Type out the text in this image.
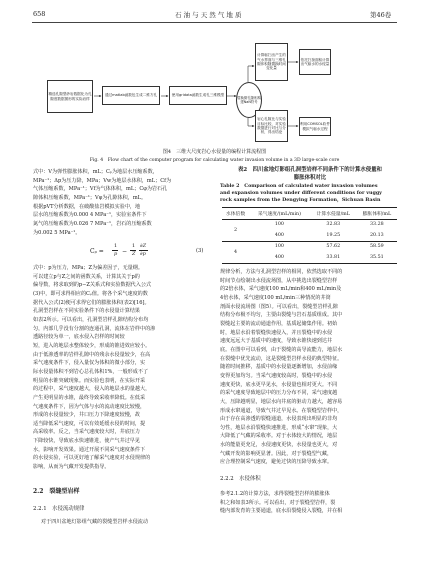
658	石 油 与 天 然 气 地 质	第46卷
精选孔隙型砂岩数据化为孔隙度数据图形的实际岩样
通过matlab函数包生成二维方孔	使用gridata函数生成孔三维模型
替换微孔隙相构建NaN符号
计算驱扫出产生的气水界面与三维孔隙体积随置换时间变化量
依托扫掠面积计算出气驱水的水侵量
岩心孔隙比与实验目标比较，对实验数据进行对比与分析，得出结论
利用COMSOL软件模拟气驱水过程
图4　三维大尺度岩心水侵量的编程计算流程图
Fig. 4　Flow chart of the computer program for calculating water invasion volume in a 3D large-scale core
式中：V为弹性膨胀体积，mL；Cₚ为地层水压缩系数，
MPa⁻¹；Δp为压力降，MPa；Vw为地层水体积，mL；Cf为
气体压缩系数，MPa⁻¹；Vf为气体体积，mL；Cφ为岩石孔
隙体积压缩系数，MPa⁻¹；Vφ为孔隙体积，mL。
根据pVT分析数据，在破酸盐岩模拟实验中，地
层水的压缩系数为0.000 4 MPa⁻¹，实验室条件下
氮气的压缩系数为0.026 7 MPa⁻¹，岩石的压缩系数
为0.002 5 MPa⁻¹。
Cᵨ =
1
p −
1
Z
∂Z
∂p	(3)
式中：p为压力，MPa；Z为偏差因子，无量纲。
可以建立p与Z之间的函数关系，计算其关于p的
偏导数，将求取到的p−Z关系式和实验数据代入公式
(3)中，即可求得相应的Cᵨ值。将各个采气速度的数
据代入公式(2)便可求得它们的膨胀体积(表2)[16]。
孔洞型岩样在不同实验条件下的水侵量计算结果
如表2所示。可以看出，孔洞型岩样孔隙结构分布均
匀，内部几乎没有分割的连通孔洞，流体在岩样中的渗
透路径较为单一，底水侵入岩样的时间较
短，进入的地层水整体较少，形成的锥进效应较小。
由于低渗透率的岩样孔隙中的残余水侵量较少，在高
采气速度条件下，侵入量仅为体积的微小部分，实
际水侵量体积不到岩心总孔体积1%，一般形成不了
明显的水锥突破现象。而实验也表明，在实际开采
的过程中，采气速度越大，侵入的地层水的量越大，
产生更明显的水锥，最终导致采收率降低。在低采
气速度条件下，因为气体与水的流动速度比较慢，
形成的水侵量较少，井口压力下降速度较慢，故
适当降低采气速度，可以有效延缓水侵的时间，提
高采收率。反之，当采气速度较大时，井底压力
下降较快，导致底水快速锥进，使产气井过早见
水，影响开发效果。通过开展不同采气速度条件下
的水侵实验，可以更好地了解采气速度对水侵规律的
影响，从而为气藏开发提供指导。
2.2　裂缝型岩样
2.2.1　水侵流动规律
对于四川盆地灯影组气藏的裂缝型岩样水侵流动
表2　四川盆地灯影组孔洞型岩样不同条件下的计算水侵量和
膨胀体积对比
Table 2　Comparison of calculated water invasion volumes
and expansion volumes under different conditions for vuggy
rock samples from the Dengying Formation，Sichuan Basin
水体倍数	采气速度/(mL/min)	计算水侵量/mL	膨胀体积/mL
2	100	32.83	33.28
	400	19.25	20.13
4	100	57.62	58.59
	400	33.81	35.51
规律分析，方法与孔洞型岩样的相同，依然选取不同的
时间节点绘制出水侵流场图，从中挑选出裂缝型岩样
的2倍水体，采气速度100 mL/min和400 mL/min及
4倍水体，采气速度100 mL/min三种情况的井筒
剖面水侵流场图（图5）。可以看出，裂缝型岩样孔隙
结构分布极不均匀，主要由裂缝与岩石基质组成。其中
裂缝起主要的流动通道作用，基质起储集作用。初始
时，地层水沿着裂缝快速侵入，并且裂缝中的水侵
速度远远大于基质中的速度，导致水锥快速到达井
底。在图中可以看到，由于裂缝的高导流能力，地层水
在裂缝中优先流动，这是裂缝型岩样水侵的典型特征。
随着时间推移，基质中的水侵量逐渐增加，水侵前缘
变得更加均匀。当采气速度较高时，裂缝中的水侵
速度更快，底水更早见水，水侵量也相对更大。不同
的采气速度导致地层中的压力分布不同，采气速度越
大，压降越明显，地层水向井底的驱动力越大，越容易
形成水窜通道，导致气井过早见水。在裂缝型岩样中，
由于存在高渗透的裂缝通道，水侵表现出明显的非均
匀性，地层水沿裂缝快速推进，形成“水窜”现象，大
大降低了气藏的采收率。对于水体较大的情况，地层
水的能量更充足，水侵速度更快，水侵量也更大，对
气藏开发的影响更显著。因此，对于裂缝型气藏，
应合理控制采气速度，避免过快的压降导致水窜。
2.2.2　水侵体积
参考2.1.2的计算方法，求得裂缝型岩样的膨胀体
积之和如表3所示。可以看出，对于裂缝型岩样，裂
缝内部发育的主要通道，底水沿裂缝侵入裂缝，并在相
